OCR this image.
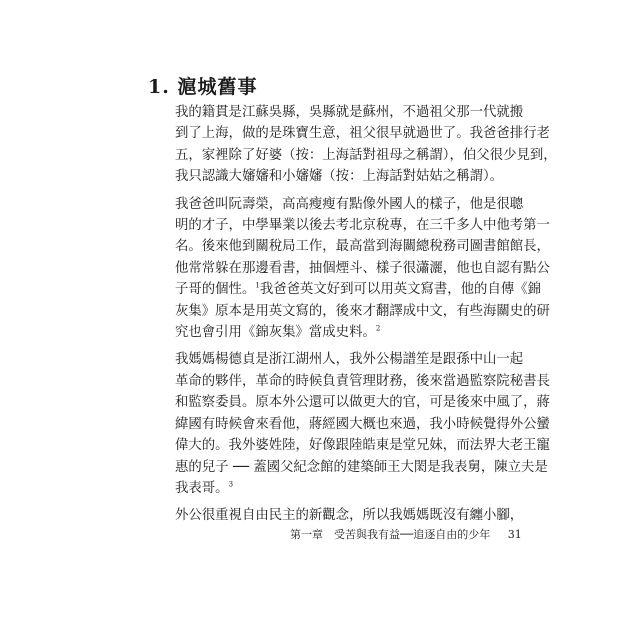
1. 滬城舊事

我的籍貫是江蘇吳縣，吳縣就是蘇州，不過祖父那一代就搬
到了上海，做的是珠寶生意，祖父很早就過世了。我爸爸排行老
五，家裡除了好婆（按：上海話對祖母之稱謂），伯父很少見到，
我只認識大嬸嬸和小嬸嬸（按：上海話對姑姑之稱謂）。

我爸爸叫阮壽榮，高高瘦瘦有點像外國人的樣子，他是很聰
明的才子，中學畢業以後去考北京稅專，在三千多人中他考第一
名。後來他到關稅局工作，最高當到海關總稅務司圖書館館長，
他常常躲在那邊看書，抽個煙斗、樣子很瀟灑，他也自認有點公
子哥的個性。$^1$我爸爸英文好到可以用英文寫書，他的自傳《錦
灰集》原本是用英文寫的，後來才翻譯成中文，有些海關史的研
究也會引用《錦灰集》當成史料。$^2$

我媽媽楊德貞是浙江湖州人，我外公楊譜笙是跟孫中山一起
革命的夥伴，革命的時候負責管理財務，後來當過監察院秘書長
和監察委員。原本外公還可以做更大的官，可是後來中風了，蔣
緯國有時候會來看他，蔣經國大概也來過，我小時候覺得外公蠻
偉大的。我外婆姓陸，好像跟陸皓東是堂兄妹，而法界大老王寵
惠的兒子 ── 蓋國父紀念館的建築師王大閎是我表舅，陳立夫是
我表哥。$^3$

外公很重視自由民主的新觀念，所以我媽媽既沒有纏小腳，

第一章　受苦與我有益──追逐自由的少年 31
